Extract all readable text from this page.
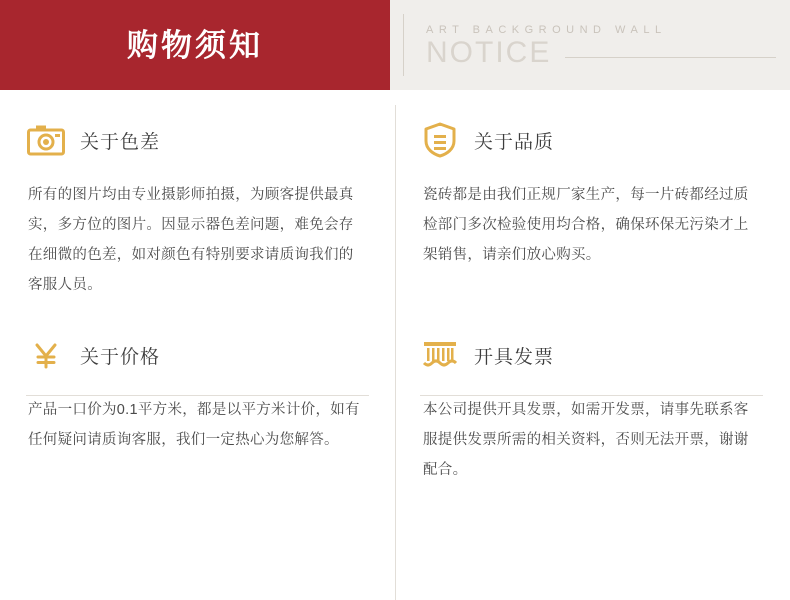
购物须知	ART BACKGROUND WALL
NOTICE
关于色差
所有的图片均由专业摄影师拍摄，为顾客提供最真实，多方位的图片。因显示器色差问题，难免会存在细微的色差，如对颜色有特别要求请质询我们的客服人员。
关于品质
瓷砖都是由我们正规厂家生产，每一片砖都经过质检部门多次检验使用均合格，确保环保无污染才上架销售，请亲们放心购买。
关于价格
产品一口价为0.1平方米，都是以平方米计价，如有任何疑问请质询客服，我们一定热心为您解答。
开具发票
本公司提供开具发票，如需开发票，请事先联系客服提供发票所需的相关资料，否则无法开票，谢谢配合。
